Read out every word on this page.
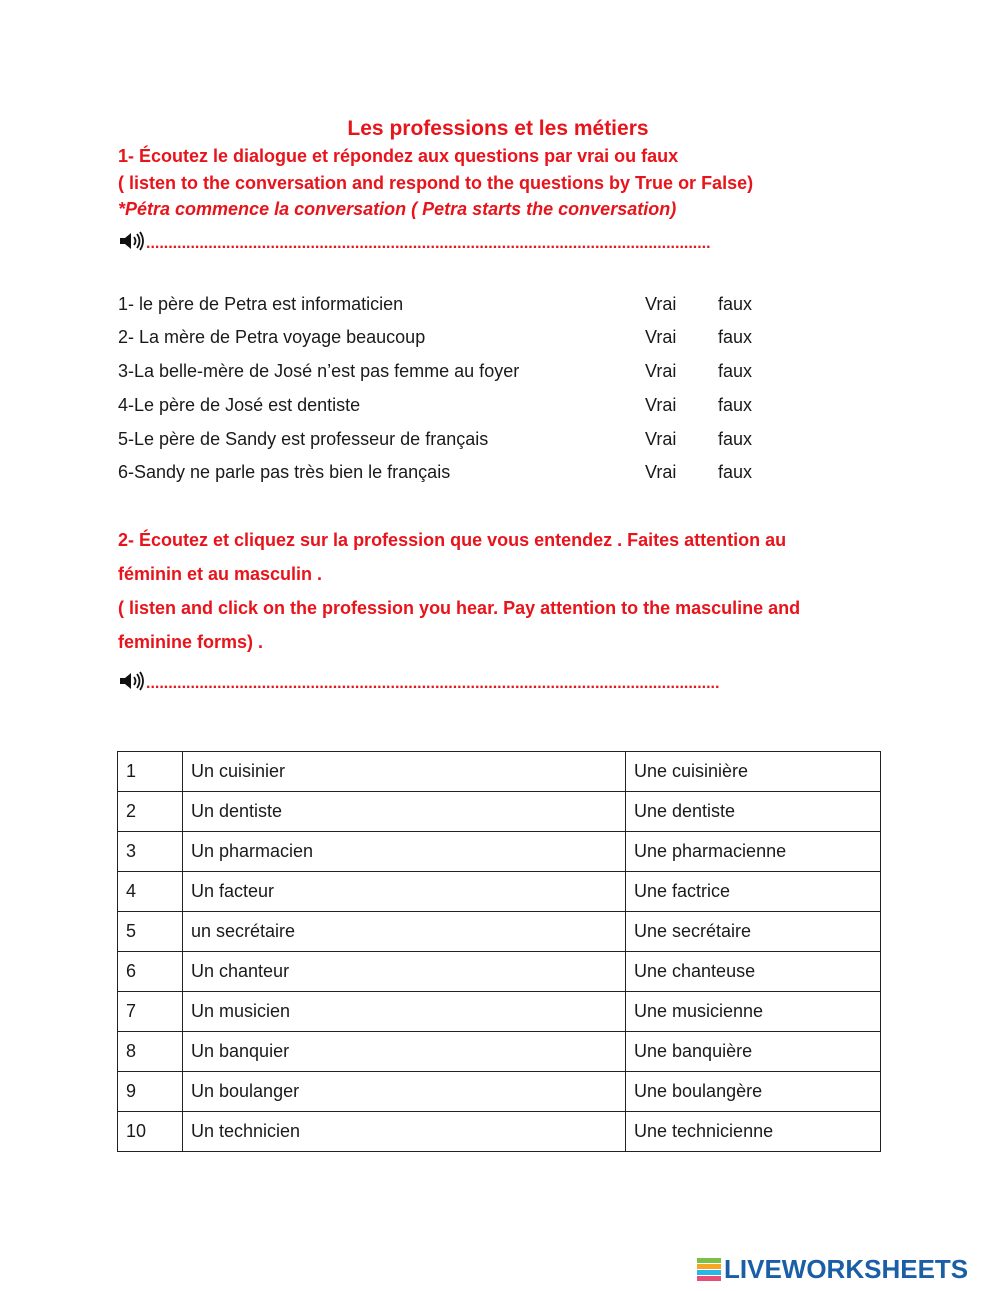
Les professions et les métiers
1- Écoutez le dialogue et répondez aux questions par vrai ou faux
( listen to the conversation and respond to the questions by True or False)
*Pétra commence la conversation ( Petra starts the conversation)
...............................................................................................................................
1- le père de Petra est informaticien	Vrai faux
2- La mère de Petra voyage beaucoup	Vrai faux
3-La belle-mère de José n’est pas femme au foyer	Vrai faux
4-Le père de José est dentiste	Vrai faux
5-Le père de Sandy est professeur de français	Vrai faux
6-Sandy ne parle pas très bien le français	Vrai faux
2- Écoutez et cliquez sur la profession que vous entendez . Faites attention au
féminin et au masculin .
( listen and click on the profession you hear. Pay attention to the masculine and
feminine forms) .
.................................................................................................................................
1	Un cuisinier	Une cuisinière
2	Un dentiste	Une dentiste
3	Un pharmacien	Une pharmacienne
4	Un facteur	Une factrice
5	un secrétaire	Une secrétaire
6	Un chanteur	Une chanteuse
7	Un musicien	Une musicienne
8	Un banquier	Une banquière
9	Un boulanger	Une boulangère
10	Un technicien	Une technicienne
LIVEWORKSHEETS
